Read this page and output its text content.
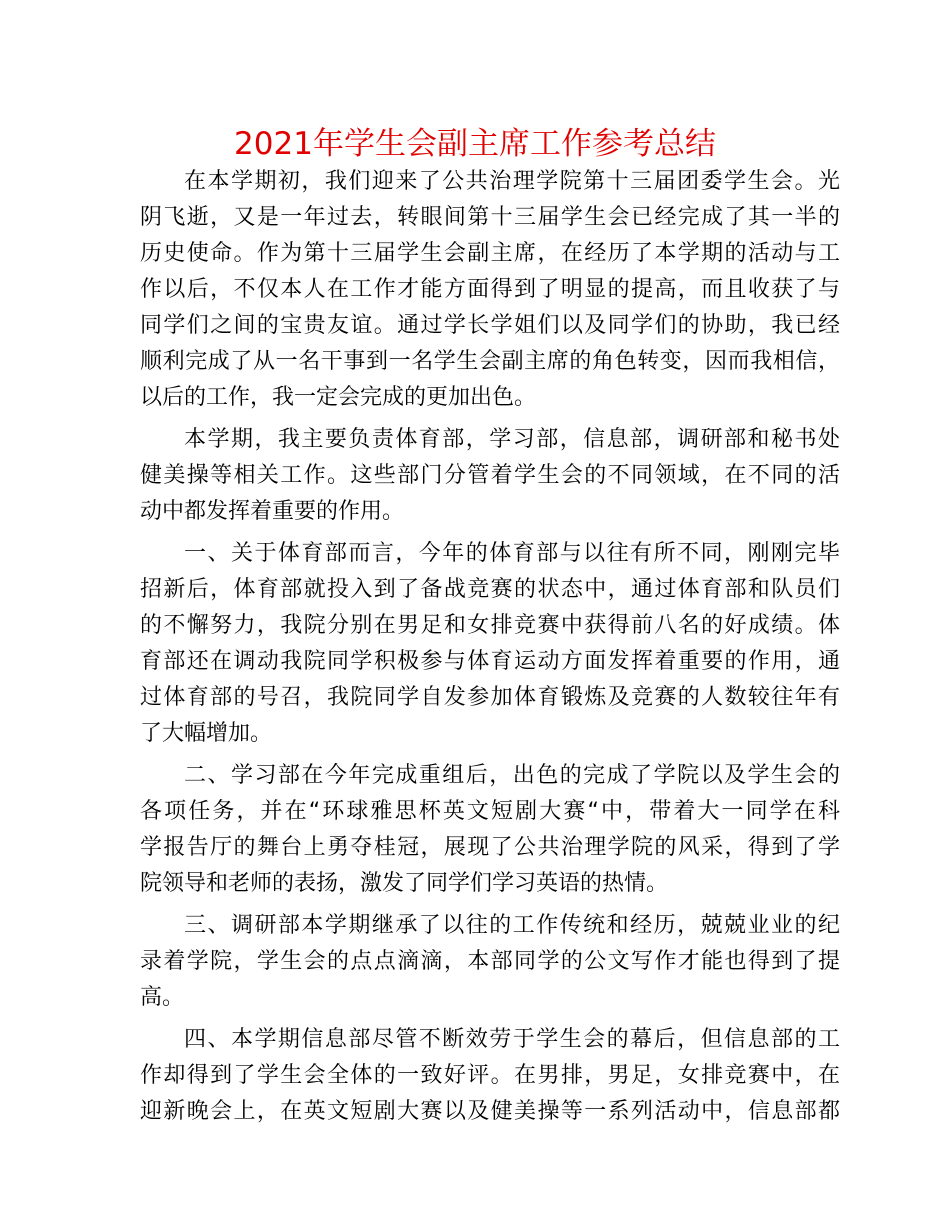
2021年学生会副主席工作参考总结
在本学期初，我们迎来了公共治理学院第十三届团委学生会。光
阴飞逝，又是一年过去，转眼间第十三届学生会已经完成了其一半的
历史使命。作为第十三届学生会副主席，在经历了本学期的活动与工
作以后，不仅本人在工作才能方面得到了明显的提高，而且收获了与
同学们之间的宝贵友谊。通过学长学姐们以及同学们的协助，我已经
顺利完成了从一名干事到一名学生会副主席的角色转变，因而我相信，
以后的工作，我一定会完成的更加出色。
本学期，我主要负责体育部，学习部，信息部，调研部和秘书处
健美操等相关工作。这些部门分管着学生会的不同领域，在不同的活
动中都发挥着重要的作用。
一、关于体育部而言，今年的体育部与以往有所不同，刚刚完毕
招新后，体育部就投入到了备战竞赛的状态中，通过体育部和队员们
的不懈努力，我院分别在男足和女排竞赛中获得前八名的好成绩。体
育部还在调动我院同学积极参与体育运动方面发挥着重要的作用，通
过体育部的号召，我院同学自发参加体育锻炼及竞赛的人数较往年有
了大幅增加。
二、学习部在今年完成重组后，出色的完成了学院以及学生会的
各项任务，并在“环球雅思杯英文短剧大赛“中，带着大一同学在科
学报告厅的舞台上勇夺桂冠，展现了公共治理学院的风采，得到了学
院领导和老师的表扬，激发了同学们学习英语的热情。
三、调研部本学期继承了以往的工作传统和经历，兢兢业业的纪
录着学院，学生会的点点滴滴，本部同学的公文写作才能也得到了提
高。
四、本学期信息部尽管不断效劳于学生会的幕后，但信息部的工
作却得到了学生会全体的一致好评。在男排，男足，女排竞赛中，在
迎新晚会上，在英文短剧大赛以及健美操等一系列活动中，信息部都
